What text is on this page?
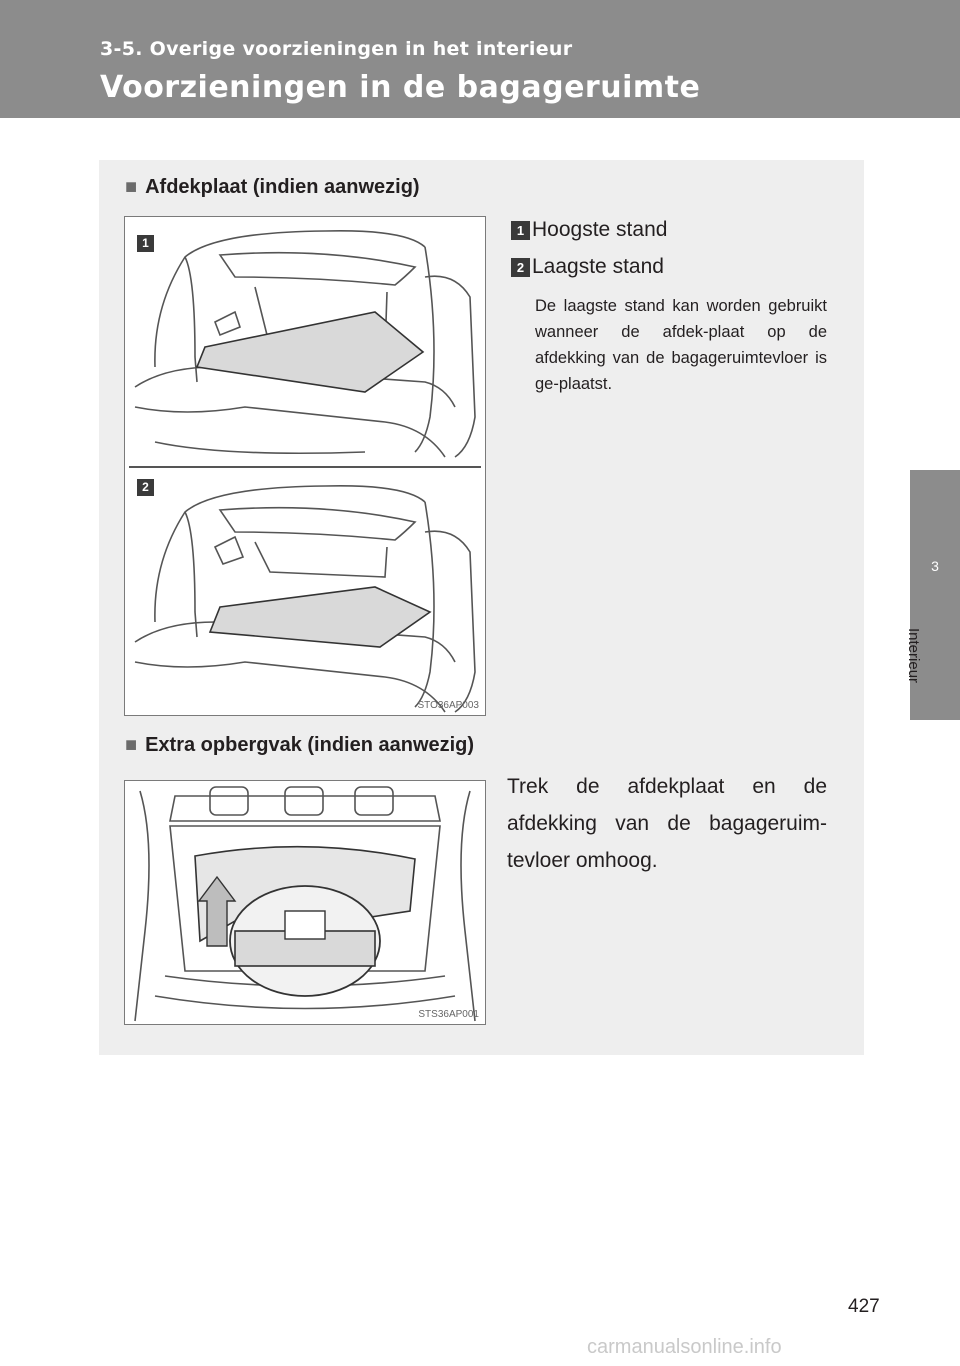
3-5. Overige voorzieningen in het interieur
Voorzieningen in de bagageruimte
3
Interieur
■ Afdekplaat (indien aanwezig)
1
2
STO36AP003
1 Hoogste stand
2 Laagste stand
De laagste stand kan worden gebruikt wanneer de afdek-plaat op de afdekking van de bagageruimtevloer is ge-plaatst.
■ Extra opbergvak (indien aanwezig)
STS36AP001
Trek de afdekplaat en de afdekking van de bagageruim-tevloer omhoog.
427
carmanualsonline.info
